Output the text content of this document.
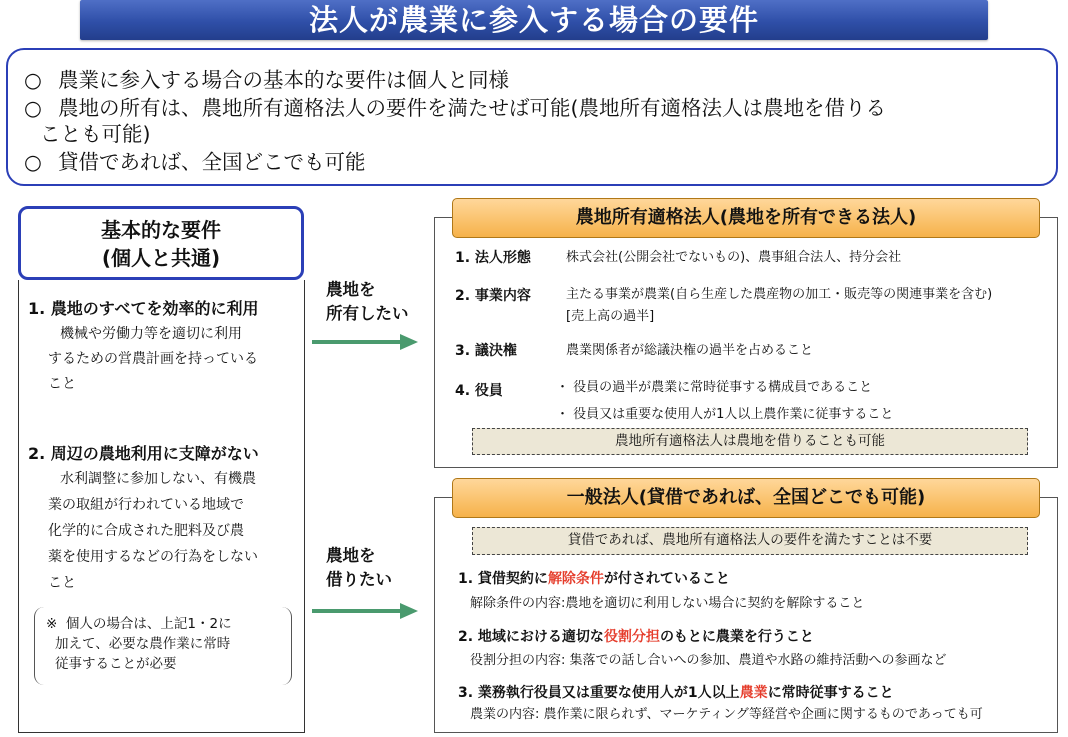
法人が農業に参入する場合の要件
○ 農業に参入する場合の基本的な要件は個人と同様
○ 農地の所有は、農地所有適格法人の要件を満たせば可能(農地所有適格法人は農地を借りる
ことも可能)
○ 貸借であれば、全国どこでも可能
基本的な要件
(個人と共通)
1. 農地のすべてを効率的に利用
機械や労働力等を適切に利用
するための営農計画を持っている
こと
2. 周辺の農地利用に支障がない
水利調整に参加しない、有機農
業の取組が行われている地域で
化学的に合成された肥料及び農
薬を使用するなどの行為をしない
こと
※ 個人の場合は、上記1・2に
加えて、必要な農作業に常時
従事することが必要
農地を
所有したい
農地を
借りたい
農地所有適格法人(農地を所有できる法人)
1. 法人形態	株式会社(公開会社でないもの)、農事組合法人、持分会社
2. 事業内容	主たる事業が農業(自ら生産した農産物の加工・販売等の関連事業を含む)
[売上高の過半]
3. 議決権	農業関係者が総議決権の過半を占めること
4. 役員	・ 役員の過半が農業に常時従事する構成員であること
・ 役員又は重要な使用人が1人以上農作業に従事すること
農地所有適格法人は農地を借りることも可能
一般法人(貸借であれば、全国どこでも可能)
貸借であれば、農地所有適格法人の要件を満たすことは不要
1. 貸借契約に解除条件が付されていること
解除条件の内容:農地を適切に利用しない場合に契約を解除すること
2. 地域における適切な役割分担のもとに農業を行うこと
役割分担の内容: 集落での話し合いへの参加、農道や水路の維持活動への参画など
3. 業務執行役員又は重要な使用人が1人以上農業に常時従事すること
農業の内容: 農作業に限られず、マーケティング等経営や企画に関するものであっても可
